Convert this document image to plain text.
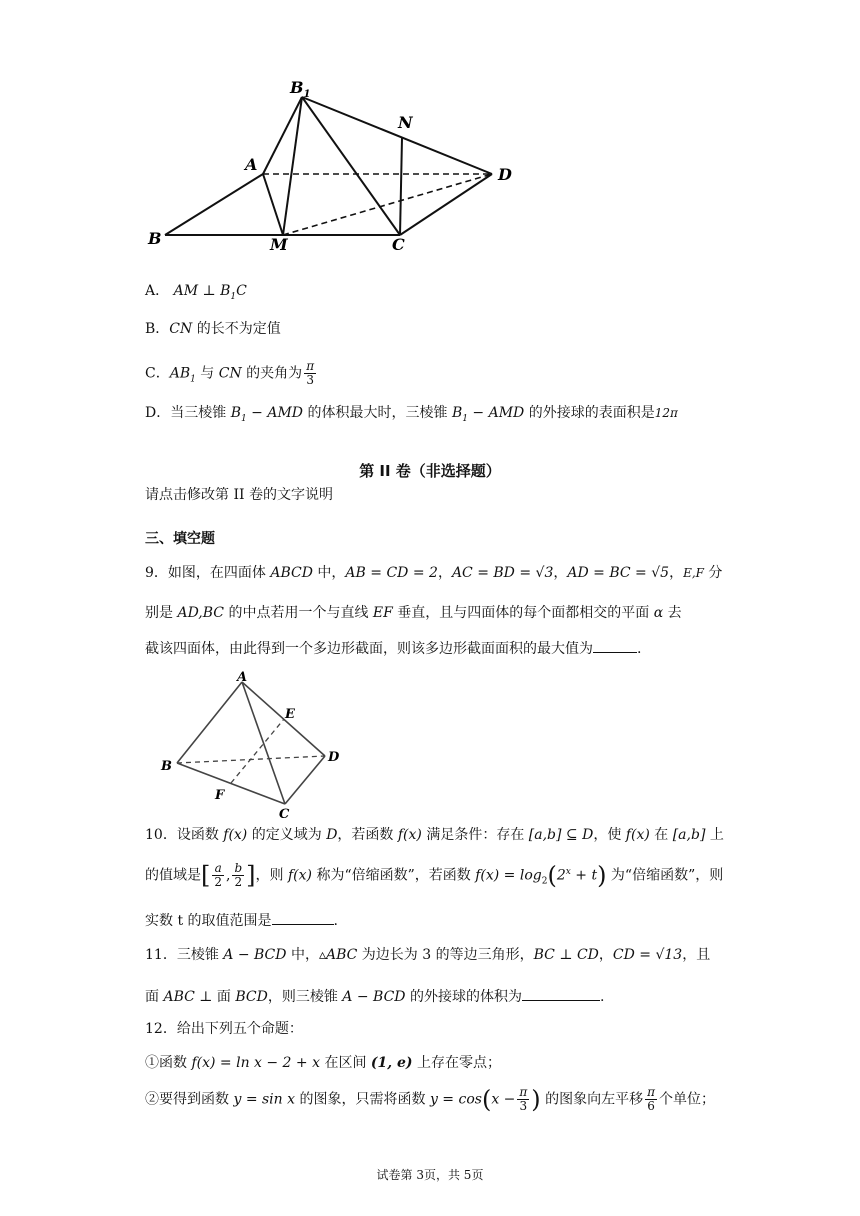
$B_1$
N
A
D
B	M	C
A． AM ⊥ $B_1C$
B．CN 的长不为定值
C．$AB_1$ 与 CN 的夹角为 $\frac{\pi}{3}$
D．当三棱锥 $B_1$ − AMD 的体积最大时，三棱锥 $B_1$ − AMD 的外接球的表面积是12π
第 II 卷（非选择题）
请点击修改第 II 卷的文字说明
三、填空题
9．如图，在四面体 ABCD 中，AB = CD = 2，AC = BD = √3，AD = BC = √5，E,F 分
别是 AD,BC 的中点若用一个与直线 EF 垂直，且与四面体的每个面都相交的平面 α 去
截该四面体，由此得到一个多边形截面，则该多边形截面面积的最大值为	.
A
E
B
D
F
C
10．设函数 f(x) 的定义域为 D，若函数 f(x) 满足条件：存在 [a,b] ⊆ D，使 f(x) 在 [a,b] 上
的值域是[ $\frac{a}{2}$ , $\frac{b}{2}$ ]，则 f(x) 称为“倍缩函数”，若函数 $f(x) = \log_2(2^x + t)$ 为“倍缩函数”，则
实数 t 的取值范围是	.
11．三棱锥 A − BCD 中，▵ABC 为边长为 3 的等边三角形，BC ⊥ CD，CD = √13，且
面 ABC ⊥ 面 BCD，则三棱锥 A − BCD 的外接球的体积为	.
12．给出下列五个命题：
①函数 f(x) = ln x − 2 + x 在区间 (1, e) 上存在零点；
②要得到函数 y = sin x 的图象，只需将函数 $y = \cos(x - \frac{\pi}{3}$ ) 的图象向左平移 $\frac{\pi}{6}$ 个单位；
试卷第 3页，共 5页
